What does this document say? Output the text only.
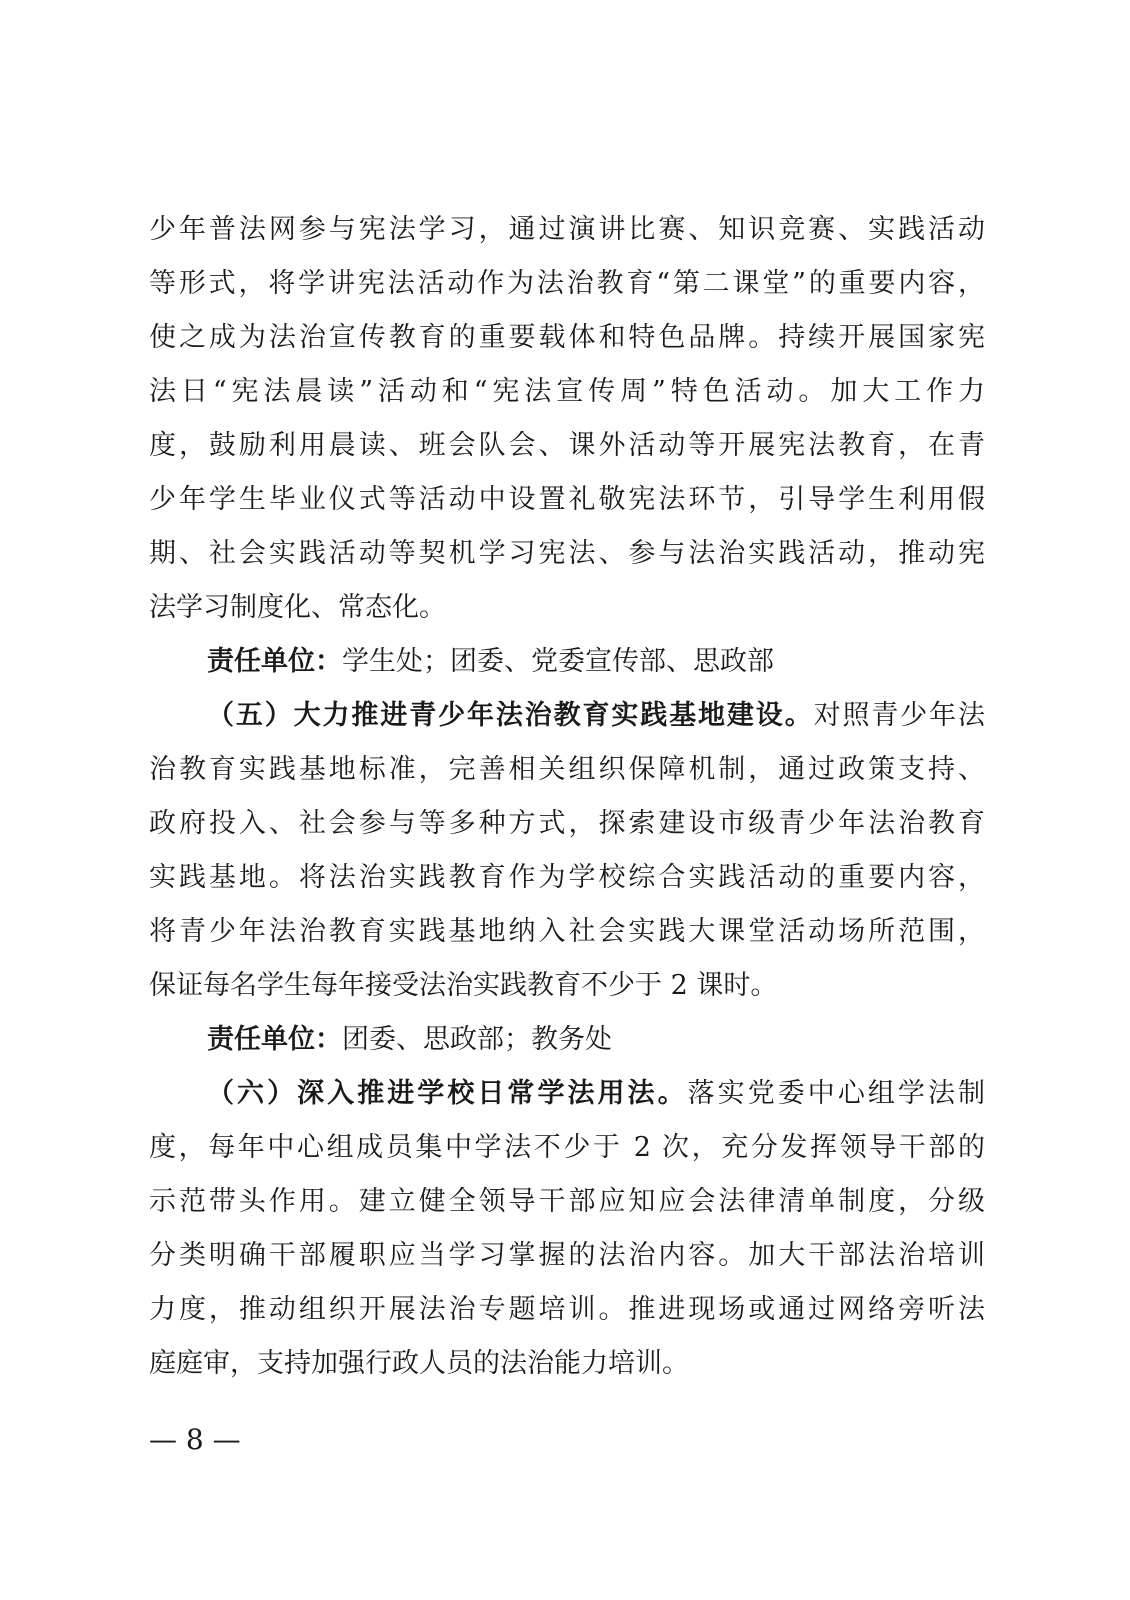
少年普法网参与宪法学习，通过演讲比赛、知识竞赛、实践活动
等形式，将学讲宪法活动作为法治教育“第二课堂”的重要内容，
使之成为法治宣传教育的重要载体和特色品牌。持续开展国家宪
法日“宪法晨读”活动和“宪法宣传周”特色活动。加大工作力
度，鼓励利用晨读、班会队会、课外活动等开展宪法教育，在青
少年学生毕业仪式等活动中设置礼敬宪法环节，引导学生利用假
期、社会实践活动等契机学习宪法、参与法治实践活动，推动宪
法学习制度化、常态化。
责任单位：学生处；团委、党委宣传部、思政部
（五）大力推进青少年法治教育实践基地建设。对照青少年法
治教育实践基地标准，完善相关组织保障机制，通过政策支持、
政府投入、社会参与等多种方式，探索建设市级青少年法治教育
实践基地。将法治实践教育作为学校综合实践活动的重要内容，
将青少年法治教育实践基地纳入社会实践大课堂活动场所范围，
保证每名学生每年接受法治实践教育不少于 2 课时。
责任单位：团委、思政部；教务处
（六）深入推进学校日常学法用法。落实党委中心组学法制
度，每年中心组成员集中学法不少于 2 次，充分发挥领导干部的
示范带头作用。建立健全领导干部应知应会法律清单制度，分级
分类明确干部履职应当学习掌握的法治内容。加大干部法治培训
力度，推动组织开展法治专题培训。推进现场或通过网络旁听法
庭庭审，支持加强行政人员的法治能力培训。
— 8 —
